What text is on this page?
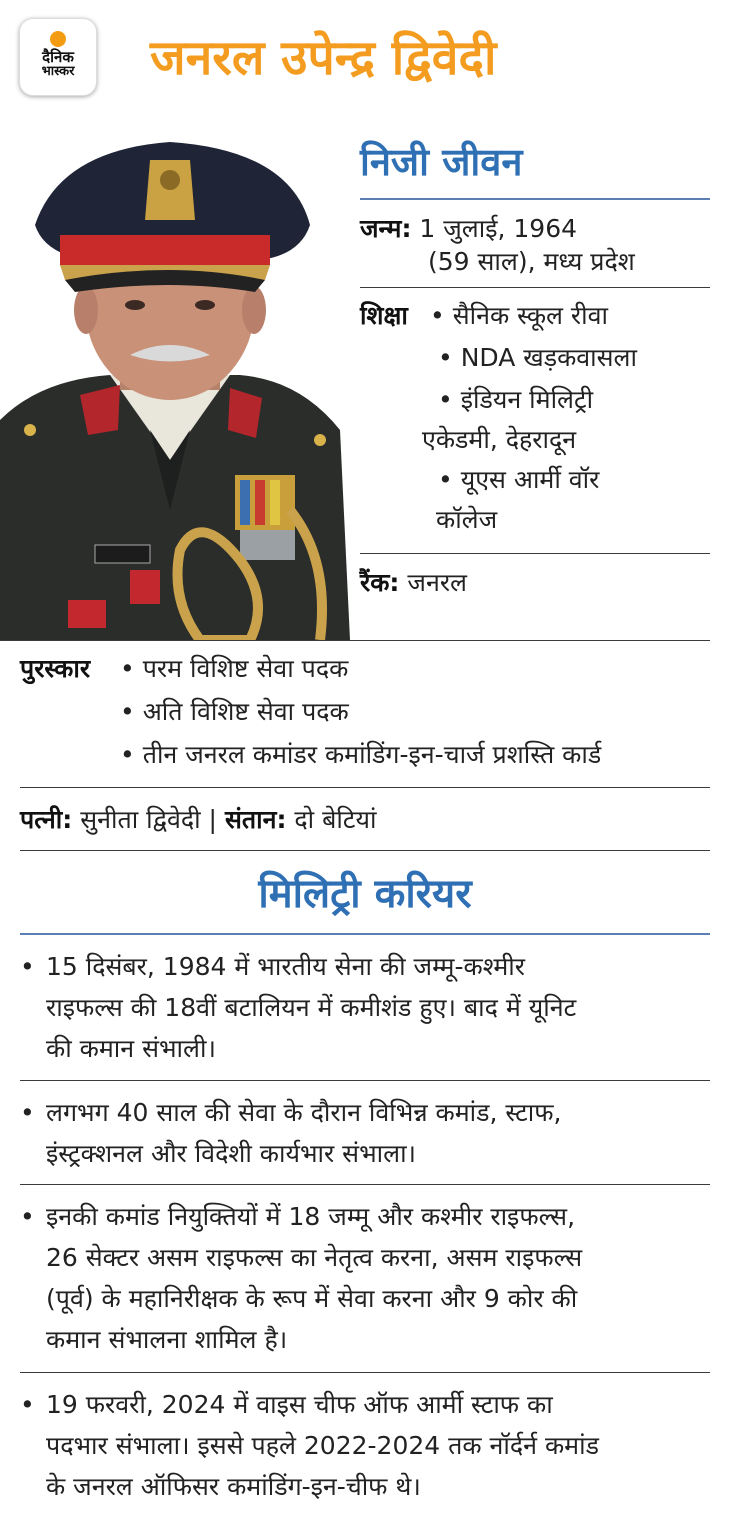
दैनिक
भास्कर	जनरल उपेन्द्र द्विवेदी
निजी जीवन
जन्म: 1 जुलाई, 1964
(59 साल), मध्य प्रदेश
शिक्षा • सैनिक स्कूल रीवा
• NDA खड़कवासला
• इंडियन मिलिट्री
एकेडमी, देहरादून
• यूएस आर्मी वॉर
कॉलेज
रैंक: जनरल
पुरस्कार • परम विशिष्ट सेवा पदक
• अति विशिष्ट सेवा पदक
• तीन जनरल कमांडर कमांडिंग-इन-चार्ज प्रशस्ति कार्ड
पत्नी: सुनीता द्विवेदी | संतान: दो बेटियां
मिलिट्री करियर
• 15 दिसंबर, 1984 में भारतीय सेना की जम्मू-कश्मीर
राइफल्स की 18वीं बटालियन में कमीशंड हुए। बाद में यूनिट
की कमान संभाली।
• लगभग 40 साल की सेवा के दौरान विभिन्न कमांड, स्टाफ,
इंस्ट्रक्शनल और विदेशी कार्यभार संभाला।
• इनकी कमांड नियुक्तियों में 18 जम्मू और कश्मीर राइफल्स,
26 सेक्टर असम राइफल्स का नेतृत्व करना, असम राइफल्स
(पूर्व) के महानिरीक्षक के रूप में सेवा करना और 9 कोर की
कमान संभालना शामिल है।
• 19 फरवरी, 2024 में वाइस चीफ ऑफ आर्मी स्टाफ का
पदभार संभाला। इससे पहले 2022-2024 तक नॉर्दर्न कमांड
के जनरल ऑफिसर कमांडिंग-इन-चीफ थे।
